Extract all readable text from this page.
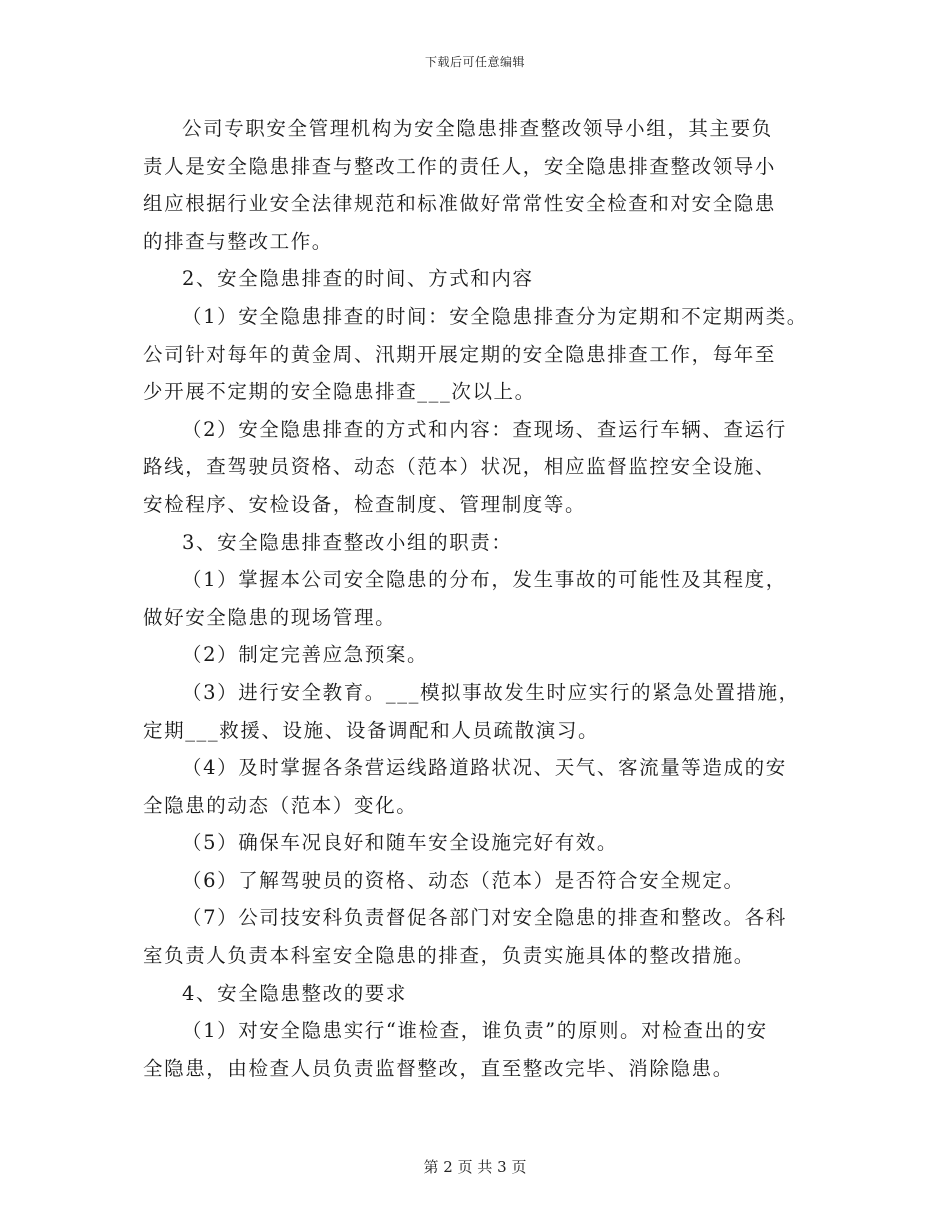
下载后可任意编辑

公司专职安全管理机构为安全隐患排查整改领导小组，其主要负
责人是安全隐患排查与整改工作的责任人，安全隐患排查整改领导小
组应根据行业安全法律规范和标准做好常常性安全检查和对安全隐患
的排查与整改工作。

2、安全隐患排查的时间、方式和内容

（1）安全隐患排查的时间：安全隐患排查分为定期和不定期两类。
公司针对每年的黄金周、汛期开展定期的安全隐患排查工作，每年至
少开展不定期的安全隐患排查___次以上。

（2）安全隐患排查的方式和内容：查现场、查运行车辆、查运行
路线，查驾驶员资格、动态（范本）状况，相应监督监控安全设施、
安检程序、安检设备，检查制度、管理制度等。

3、安全隐患排查整改小组的职责：

（1）掌握本公司安全隐患的分布，发生事故的可能性及其程度，
做好安全隐患的现场管理。

（2）制定完善应急预案。

（3）进行安全教育。___模拟事故发生时应实行的紧急处置措施，
定期___救援、设施、设备调配和人员疏散演习。

（4）及时掌握各条营运线路道路状况、天气、客流量等造成的安
全隐患的动态（范本）变化。

（5）确保车况良好和随车安全设施完好有效。

（6）了解驾驶员的资格、动态（范本）是否符合安全规定。

（7）公司技安科负责督促各部门对安全隐患的排查和整改。各科
室负责人负责本科室安全隐患的排查，负责实施具体的整改措施。

4、安全隐患整改的要求

（1）对安全隐患实行“谁检查，谁负责”的原则。对检查出的安
全隐患，由检查人员负责监督整改，直至整改完毕、消除隐患。

第 2 页 共 3 页
